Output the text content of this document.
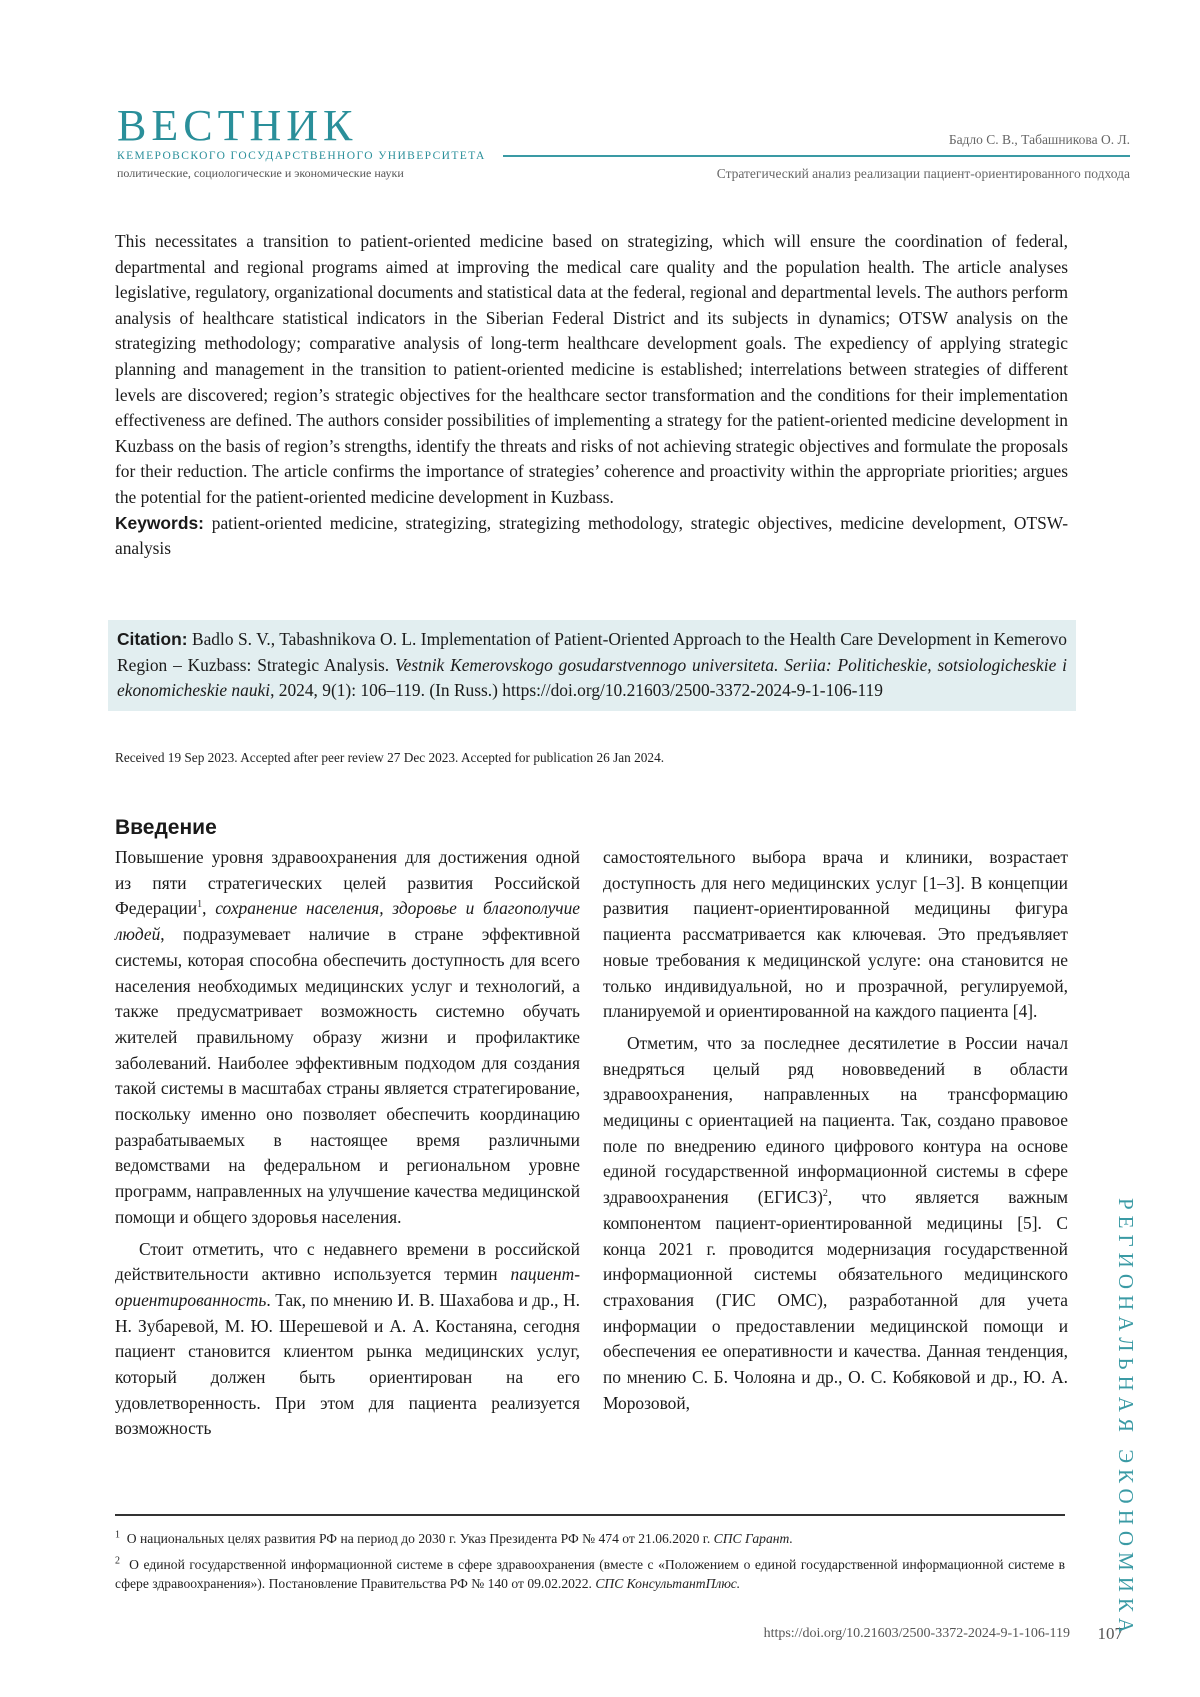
ВЕСТНИК
КЕМЕРОВСКОГО ГОСУДАРСТВЕННОГО УНИВЕРСИТЕТА
политические, социологические и экономические науки
Бадло С. В., Табашникова О. Л.
Стратегический анализ реализации пациент-ориентированного подхода

This necessitates a transition to patient-oriented medicine based on strategizing, which will ensure the coordination of federal, departmental and regional programs aimed at improving the medical care quality and the population health. The article analyses legislative, regulatory, organizational documents and statistical data at the federal, regional and departmental levels. The authors perform analysis of healthcare statistical indicators in the Siberian Federal District and its subjects in dynamics; OTSW analysis on the strategizing methodology; comparative analysis of long-term healthcare development goals. The expediency of applying strategic planning and management in the transition to patient-oriented medicine is established; interrelations between strategies of different levels are discovered; region’s strategic objectives for the healthcare sector transformation and the conditions for their implementation effectiveness are defined. The authors consider possibilities of implementing a strategy for the patient-oriented medicine development in Kuzbass on the basis of region’s strengths, identify the threats and risks of not achieving strategic objectives and formulate the proposals for their reduction. The article confirms the importance of strategies’ coherence and proactivity within the appropriate priorities; argues the potential for the patient-oriented medicine development in Kuzbass.

Keywords: patient-oriented medicine, strategizing, strategizing methodology, strategic objectives, medicine development, OTSW-analysis

Citation: Badlo S. V., Tabashnikova O. L. Implementation of Patient-Oriented Approach to the Health Care Development in Kemerovo Region – Kuzbass: Strategic Analysis. Vestnik Kemerovskogo gosudarstvennogo universiteta. Seriia: Politicheskie, sotsiologicheskie i ekonomicheskie nauki, 2024, 9(1): 106–119. (In Russ.) https://doi.org/10.21603/2500-3372-2024-9-1-106-119
Received 19 Sep 2023. Accepted after peer review 27 Dec 2023. Accepted for publication 26 Jan 2024.
Введение

Повышение уровня здравоохранения для достижения одной из пяти стратегических целей развития Российской Федерации$^1$, сохранение населения, здоровье и благополучие людей, подразумевает наличие в стране эффективной системы, которая способна обеспечить доступность для всего населения необходимых медицинских услуг и технологий, а также предусматривает возможность системно обучать жителей правильному образу жизни и профилактике заболеваний. Наиболее эффективным подходом для создания такой системы в масштабах страны является стратегирование, поскольку именно оно позволяет обеспечить координацию разрабатываемых в настоящее время различными ведомствами на федеральном и региональном уровне программ, направленных на улучшение качества медицинской помощи и общего здоровья населения.

Стоит отметить, что с недавнего времени в российской действительности активно используется термин пациент-ориентированность. Так, по мнению И. В. Шахабова и др., Н. Н. Зубаревой, М. Ю. Шерешевой и А. А. Костаняна, сегодня пациент становится клиентом рынка медицинских услуг, который должен быть ориентирован на его удовлетворенность. При этом для пациента реализуется возможность

самостоятельного выбора врача и клиники, возрастает доступность для него медицинских услуг [1–3]. В концепции развития пациент-ориентированной медицины фигура пациента рассматривается как ключевая. Это предъявляет новые требования к медицинской услуге: она становится не только индивидуальной, но и прозрачной, регулируемой, планируемой и ориентированной на каждого пациента [4].

Отметим, что за последнее десятилетие в России начал внедряться целый ряд нововведений в области здравоохранения, направленных на трансформацию медицины с ориентацией на пациента. Так, создано правовое поле по внедрению единого цифрового контура на основе единой государственной информационной системы в сфере здравоохранения (ЕГИСЗ)$^2$, что является важным компонентом пациент-ориентированной медицины [5]. С конца 2021 г. проводится модернизация государственной информационной системы обязательного медицинского страхования (ГИС ОМС), разработанной для учета информации о предоставлении медицинской помощи и обеспечения ее оперативности и качества. Данная тенденция, по мнению С. Б. Чолояна и др., О. С. Кобяковой и др., Ю. А. Морозовой,

$^1$ О национальных целях развития РФ на период до 2030 г. Указ Президента РФ № 474 от 21.06.2020 г. СПС Гарант.
$^2$ О единой государственной информационной системе в сфере здравоохранения (вместе с «Положением о единой государственной информационной системе в сфере здравоохранения»). Постановление Правительства РФ № 140 от 09.02.2022. СПС КонсультантПлюс.
https://doi.org/10.21603/2500-3372-2024-9-1-106-119 107
РЕГИОНАЛЬНАЯ ЭКОНОМИКА
